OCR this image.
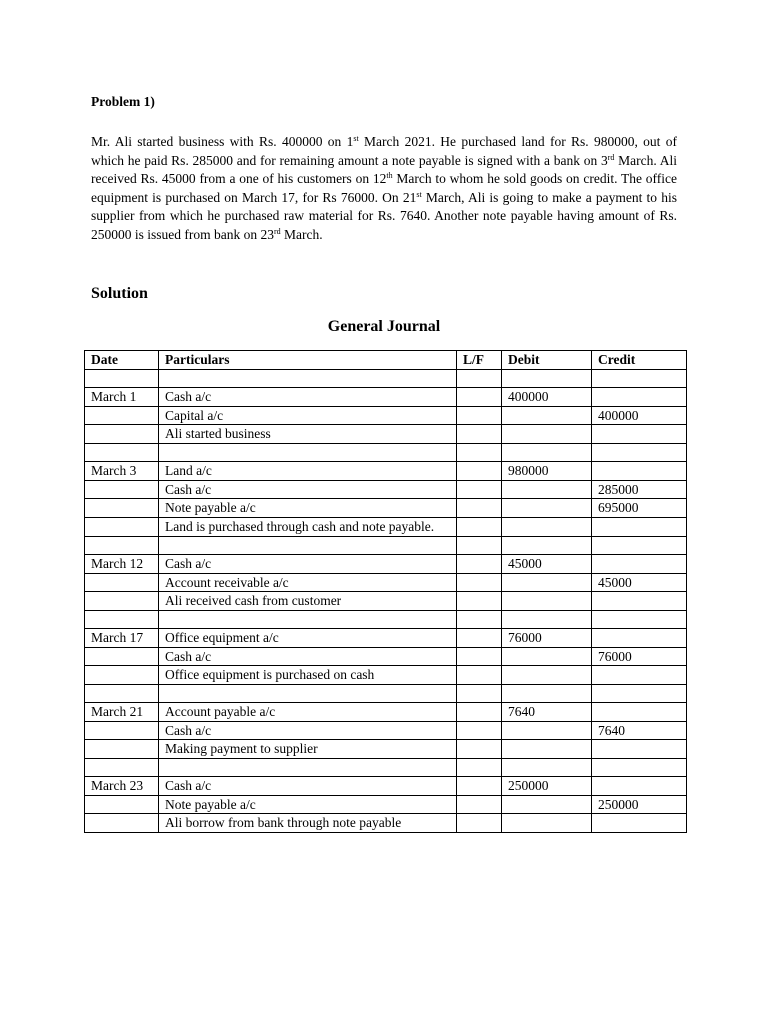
Problem 1)
Mr. Ali started business with Rs. 400000 on 1st March 2021. He purchased land for Rs. 980000, out of which he paid Rs. 285000 and for remaining amount a note payable is signed with a bank on 3rd March. Ali received Rs. 45000 from a one of his customers on 12th March to whom he sold goods on credit. The office equipment is purchased on March 17, for Rs 76000. On 21st March, Ali is going to make a payment to his supplier from which he purchased raw material for Rs. 7640. Another note payable having amount of Rs. 250000 is issued from bank on 23rd March.
Solution
General Journal
Date	Particulars	L/F	Debit	Credit

March 1	Cash a/c		400000	
	Capital a/c			400000
	Ali started business			

March 3	Land a/c		980000	
	Cash a/c			285000
	Note payable a/c			695000
	Land is purchased through cash and note payable.			

March 12	Cash a/c		45000	
	Account receivable a/c			45000
	Ali received cash from customer			

March 17	Office equipment a/c		76000	
	Cash a/c			76000
	Office equipment is purchased on cash			

March 21	Account payable a/c		7640	
	Cash a/c			7640
	Making payment to supplier			

March 23	Cash a/c		250000	
	Note payable a/c			250000
	Ali borrow from bank through note payable			
